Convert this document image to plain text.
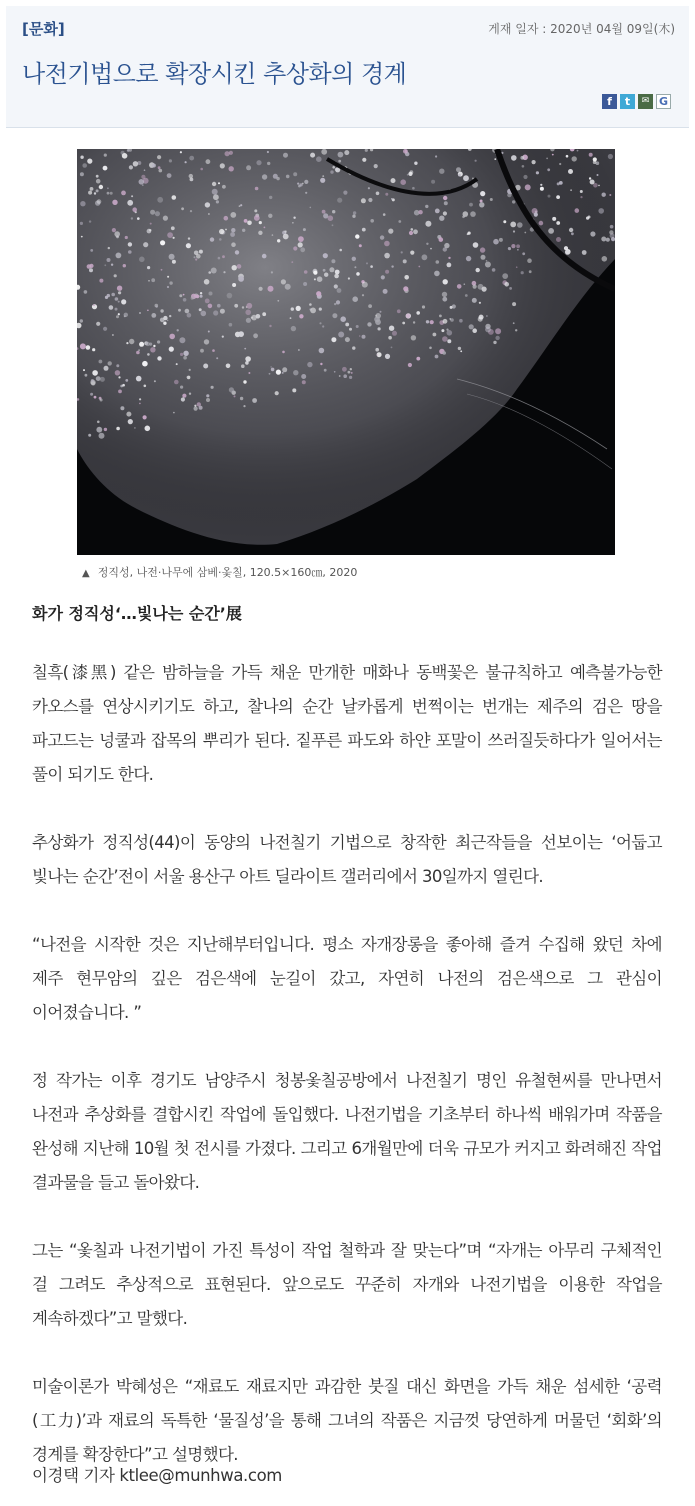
[문화]	게재 일자 : 2020년 04월 09일(木)
나전기법으로 확장시킨 추상화의 경계
f	t	✉ G
▲ 정직성, 나전·나무에 삼베·옻칠, 120.5×160㎝, 2020
화가 정직성‘…빛나는 순간’展

칠흑(漆黑) 같은 밤하늘을 가득 채운 만개한 매화나 동백꽃은 불규칙하고 예측불가능한 카오스를 연상시키기도 하고, 찰나의 순간 날카롭게 번쩍이는 번개는 제주의 검은 땅을 파고드는 넝쿨과 잡목의 뿌리가 된다. 짙푸른 파도와 하얀 포말이 쓰러질듯하다가 일어서는 풀이 되기도 한다.

추상화가 정직성(44)이 동양의 나전칠기 기법으로 창작한 최근작들을 선보이는 ‘어둡고 빛나는 순간’전이 서울 용산구 아트 딜라이트 갤러리에서 30일까지 열린다.

“나전을 시작한 것은 지난해부터입니다. 평소 자개장롱을 좋아해 즐겨 수집해 왔던 차에 제주 현무암의 깊은 검은색에 눈길이 갔고, 자연히 나전의 검은색으로 그 관심이 이어졌습니다. ”

정 작가는 이후 경기도 남양주시 청봉옻칠공방에서 나전칠기 명인 유철현씨를 만나면서 나전과 추상화를 결합시킨 작업에 돌입했다. 나전기법을 기초부터 하나씩 배워가며 작품을 완성해 지난해 10월 첫 전시를 가졌다. 그리고 6개월만에 더욱 규모가 커지고 화려해진 작업 결과물을 들고 돌아왔다.

그는 “옻칠과 나전기법이 가진 특성이 작업 철학과 잘 맞는다”며 “자개는 아무리 구체적인 걸 그려도 추상적으로 표현된다. 앞으로도 꾸준히 자개와 나전기법을 이용한 작업을 계속하겠다”고 말했다.

미술이론가 박혜성은 “재료도 재료지만 과감한 붓질 대신 화면을 가득 채운 섬세한 ‘공력(工力)’과 재료의 독특한 ‘물질성’을 통해 그녀의 작품은 지금껏 당연하게 머물던 ‘회화’의 경계를 확장한다”고 설명했다.

이경택 기자 ktlee@munhwa.com
